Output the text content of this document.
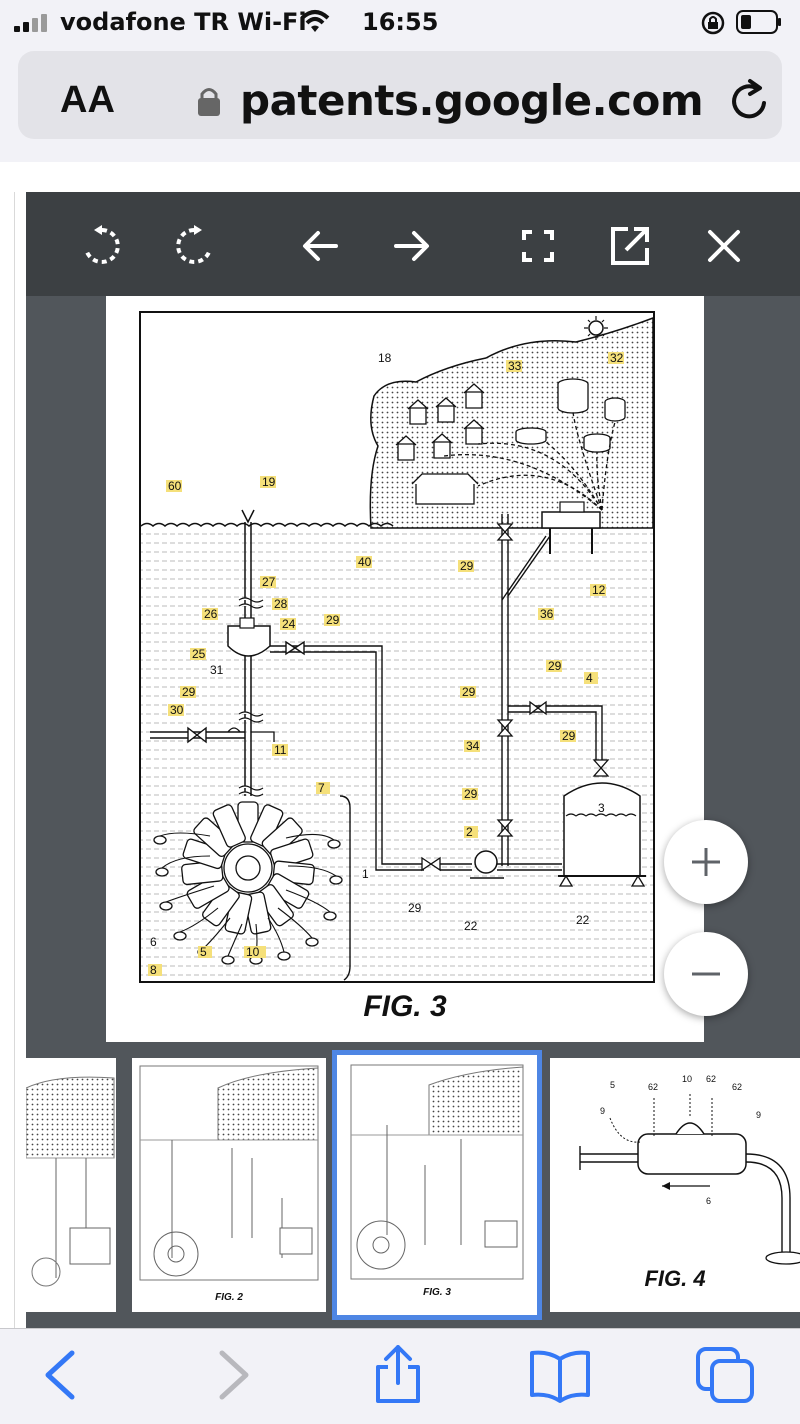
vodafone TR Wi-Fi 16:55
AA	patents.google.com
18
33
32
60	19
40	29
12
27
28
26
24	29	36
25
31	29
4
29
29
30
29
11	34
7	29
3
2
1
29
22	22
6
5	10
8
FIG. 3
FIG. 2	FIG. 3
5	62
10 62
62
9	9
6
FIG. 4
